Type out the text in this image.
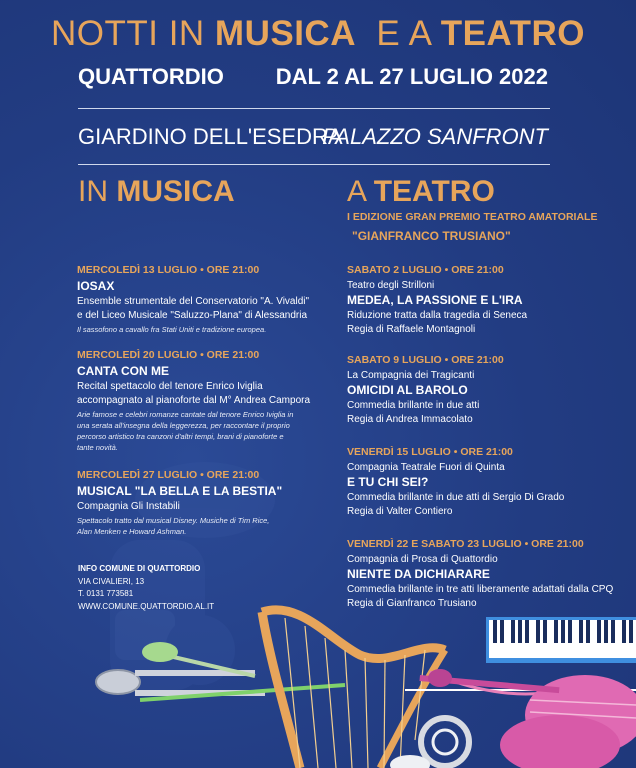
NOTTI IN MUSICA  E A TEATRO
QUATTORDIO DAL 2 AL 27 LUGLIO 2022
GIARDINO DELL'ESEDRA
PALAZZO SANFRONT
IN MUSICA
MERCOLEDÌ 13 LUGLIO • ORE 21:00
IOSAX
Ensemble strumentale del Conservatorio "A. Vivaldi"
e del Liceo Musicale "Saluzzo-Plana" di Alessandria
Il sassofono a cavallo fra Stati Uniti e tradizione europea.
MERCOLEDÌ 20 LUGLIO • ORE 21:00
CANTA CON ME
Recital spettacolo del tenore Enrico Iviglia
accompagnato al pianoforte dal M° Andrea Campora
Arie famose e celebri romanze cantate dal tenore Enrico Iviglia in una serata all'insegna della leggerezza, per raccontare il proprio percorso artistico tra canzoni d'altri tempi, brani di pianoforte e tante novità.
MERCOLEDÌ 27 LUGLIO • ORE 21:00
MUSICAL "LA BELLA E LA BESTIA"
Compagnia Gli Instabili
Spettacolo tratto dal musical Disney. Musiche di Tim Rice, Alan Menken e Howard Ashman.
INFO COMUNE DI QUATTORDIO
VIA CIVALIERI, 13
T. 0131 773581
WWW.COMUNE.QUATTORDIO.AL.IT
A TEATRO
I EDIZIONE GRAN PREMIO TEATRO AMATORIALE
"GIANFRANCO TRUSIANO"
SABATO 2 LUGLIO • ORE 21:00
Teatro degli Strilloni
MEDEA, LA PASSIONE E L'IRA
Riduzione tratta dalla tragedia di Seneca
Regia di Raffaele Montagnoli
SABATO 9 LUGLIO • ORE 21:00
La Compagnia dei Tragicanti
OMICIDI AL BAROLO
Commedia brillante in due atti
Regia di Andrea Immacolato
VENERDÌ 15 LUGLIO • ORE 21:00
Compagnia Teatrale Fuori di Quinta
E TU CHI SEI?
Commedia brillante in due atti di Sergio Di Grado
Regia di Valter Contiero
VENERDÌ 22 E SABATO 23 LUGLIO • ORE 21:00
Compagnia di Prosa di Quattordio
NIENTE DA DICHIARARE
Commedia brillante in tre atti liberamente adattati dalla CPQ
Regia di Gianfranco Trusiano
